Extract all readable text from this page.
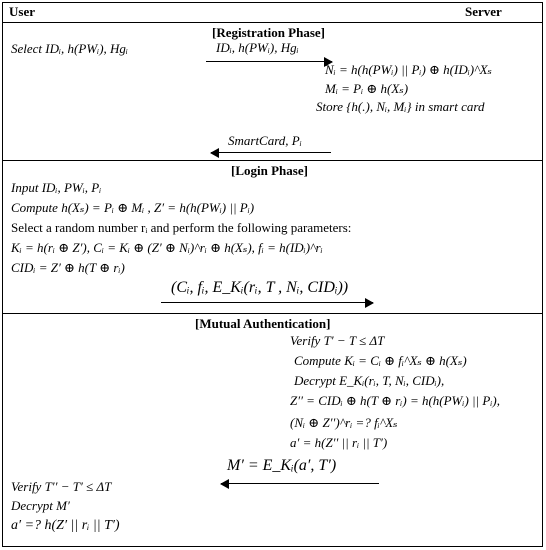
User	Server
[Registration Phase]
Select IDᵢ, h(PWᵢ), Hgᵢ	IDᵢ, h(PWᵢ), Hgᵢ
Nᵢ = h(h(PWᵢ) || Pᵢ) ⊕ h(IDᵢ)^Xₛ
Mᵢ = Pᵢ ⊕ h(Xₛ)
Store {h(.), Nᵢ, Mᵢ} in smart card
SmartCard, Pᵢ
[Login Phase]
Input IDᵢ, PWᵢ, Pᵢ
Compute h(Xₛ) = Pᵢ ⊕ Mᵢ , Z′ = h(h(PWᵢ) || Pᵢ)
Select a random number rᵢ and perform the following parameters:
Kᵢ = h(rᵢ ⊕ Z′), Cᵢ = Kᵢ ⊕ (Z′ ⊕ Nᵢ)^rᵢ ⊕ h(Xₛ), fᵢ = h(IDᵢ)^rᵢ
CIDᵢ = Z′ ⊕ h(T ⊕ rᵢ)
(Cᵢ, fᵢ, E_Kᵢ(rᵢ, T , Nᵢ, CIDᵢ))
[Mutual Authentication]
Verify T′ − T ≤ ΔT
Compute Kᵢ = Cᵢ ⊕ fᵢ^Xₛ ⊕ h(Xₛ)
Decrypt E_Kᵢ(rᵢ, T, Nᵢ, CIDᵢ),
Z′′ = CIDᵢ ⊕ h(T ⊕ rᵢ) = h(h(PWᵢ) || Pᵢ),
(Nᵢ ⊕ Z′′)^rᵢ =? fᵢ^Xₛ
a′ = h(Z′′ || rᵢ || T′)
M′ = E_Kᵢ(a′, T′)
Verify T′′ − T′ ≤ ΔT
Decrypt M′
a′ =? h(Z′ || rᵢ || T′)
